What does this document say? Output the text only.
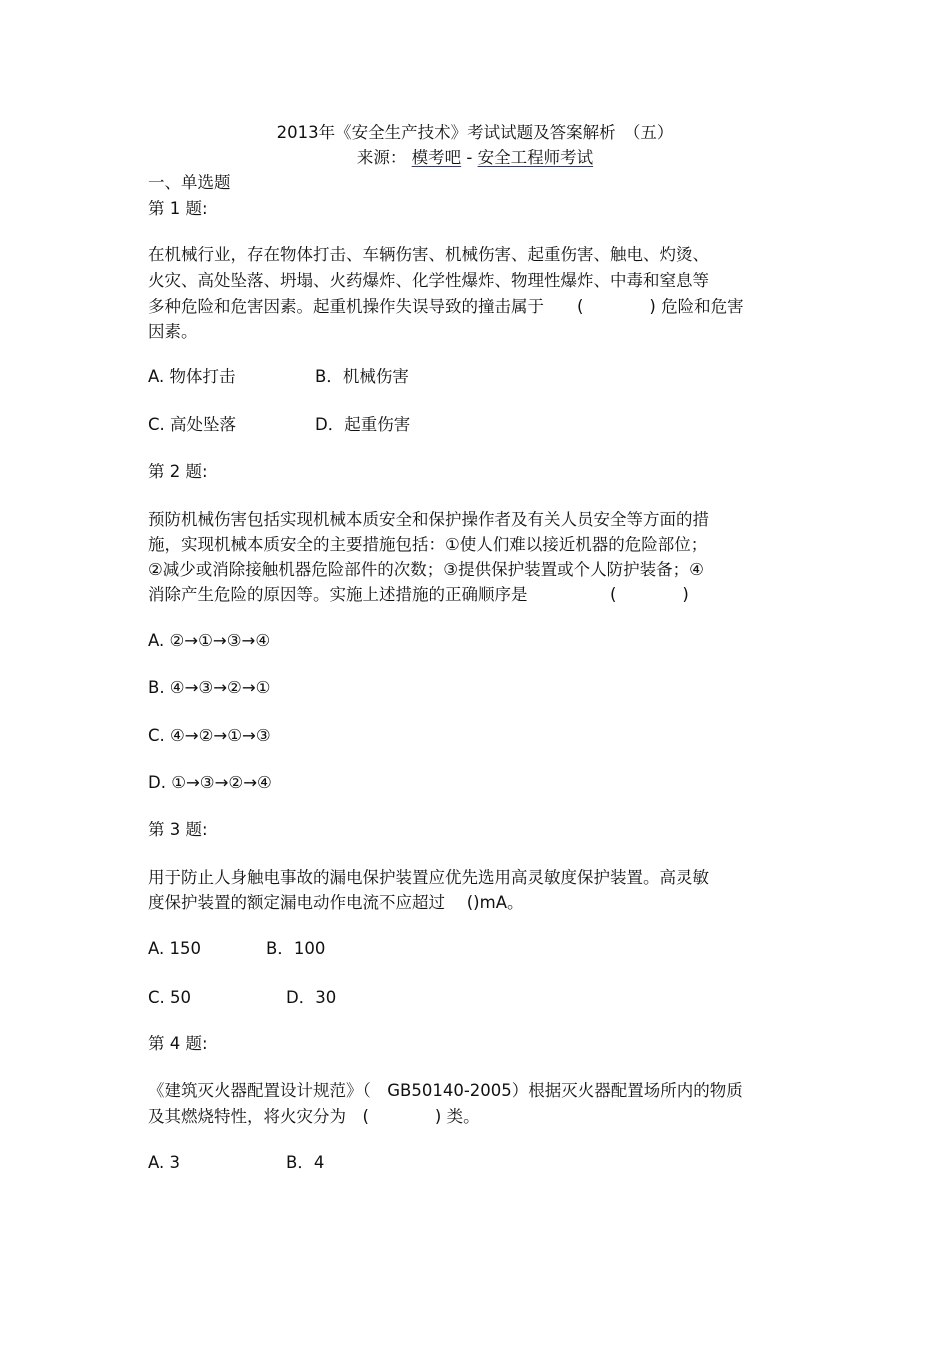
2013年《安全生产技术》考试试题及答案解析　（五）
来源： 模考吧 - 安全工程师考试
一、单选题
第 1 题:
在机械行业，存在物体打击、车辆伤害、机械伤害、起重伤害、触电、灼烫、
火灾、高处坠落、坍塌、火药爆炸、化学性爆炸、物理性爆炸、中毒和窒息等
多种危险和危害因素。起重机操作失误导致的撞击属于　　(　　　　) 危险和危害
因素。
A. 物体打击	B．机械伤害
C. 高处坠落	D．起重伤害
第 2 题:
预防机械伤害包括实现机械本质安全和保护操作者及有关人员安全等方面的措
施，实现机械本质安全的主要措施包括：①使人们难以接近机器的危险部位；
②减少或消除接触机器危险部件的次数；③提供保护装置或个人防护装备；④
消除产生危险的原因等。实施上述措施的正确顺序是　　　　　(　　　　)
A. ②→①→③→④
B. ④→③→②→①
C. ④→②→①→③
D. ①→③→②→④
第 3 题:
用于防止人身触电事故的漏电保护装置应优先选用高灵敏度保护装置。高灵敏
度保护装置的额定漏电动作电流不应超过　 ()mA。
A. 150	B．100
C. 50	D．30
第 4 题:
《建筑灭火器配置设计规范》（　GB50140-2005）根据灭火器配置场所内的物质
及其燃烧特性，将火灾分为　(　　　　) 类。
A. 3	B．4
